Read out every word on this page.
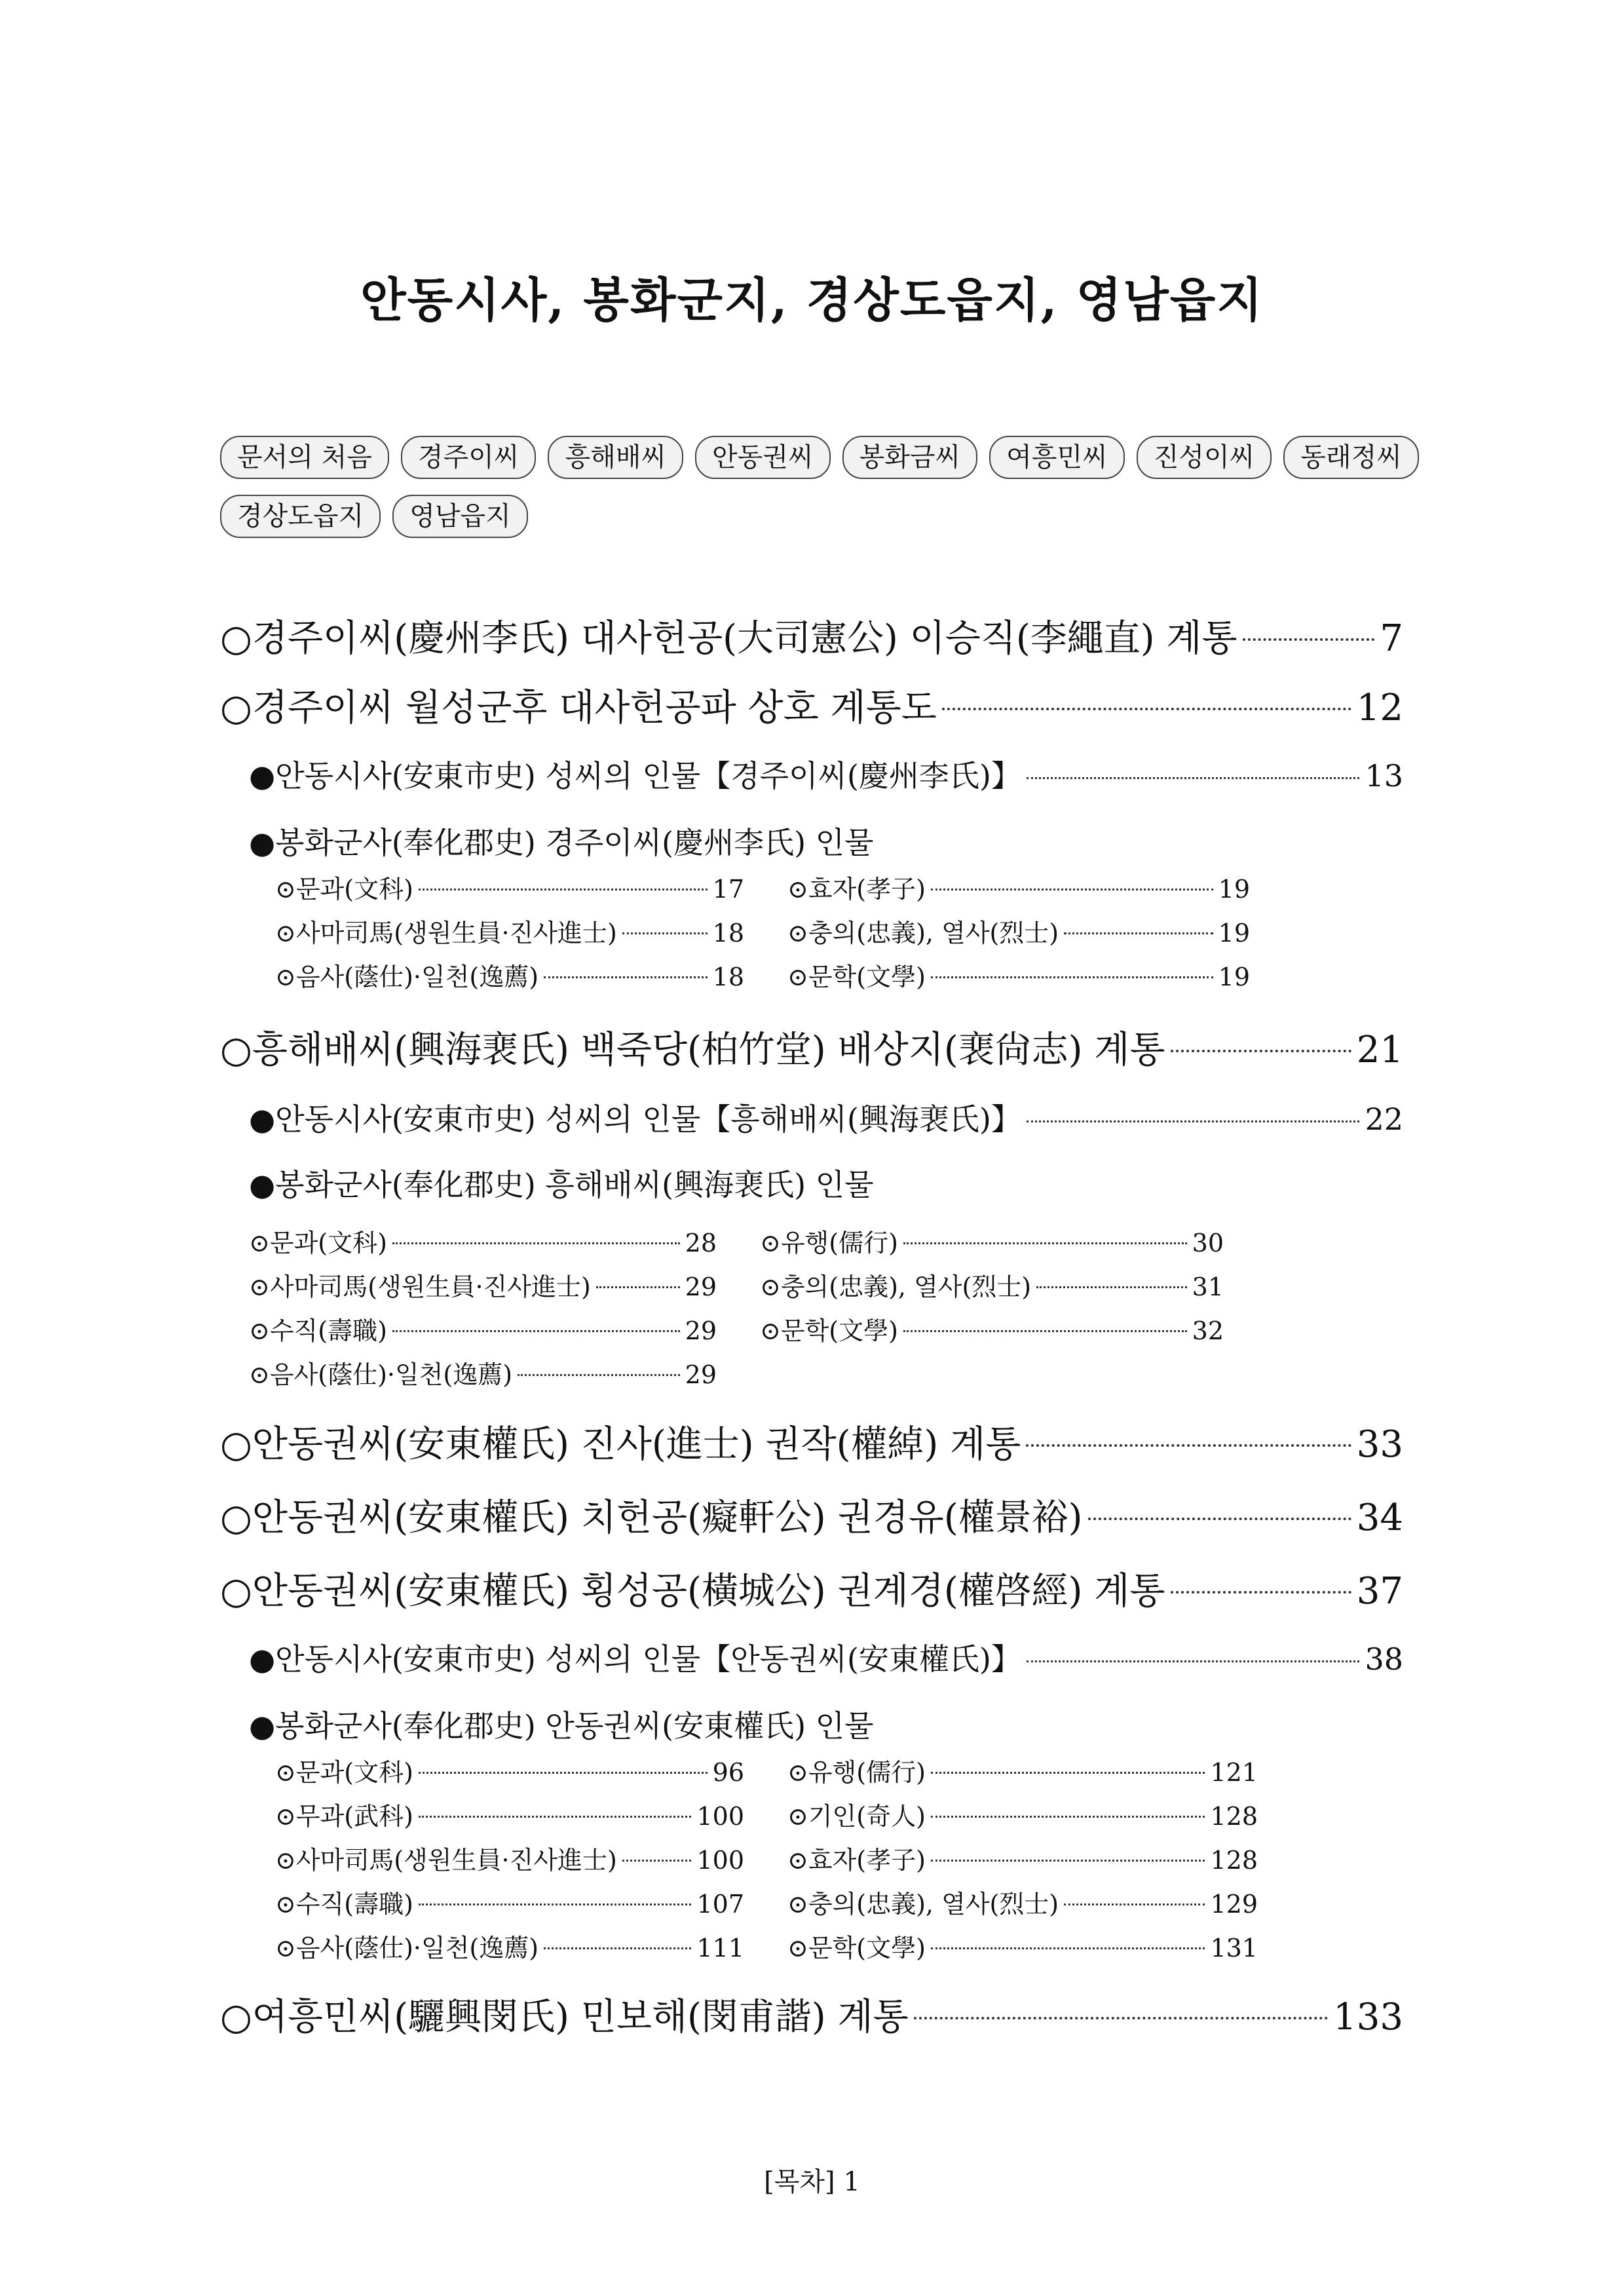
안동시사, 봉화군지, 경상도읍지, 영남읍지
문서의 처음	경주이씨	흥해배씨	안동권씨	봉화금씨	여흥민씨	진성이씨	동래정씨
경상도읍지	영남읍지
○경주이씨(慶州李氏) 대사헌공(大司憲公) 이승직(李繩直) 계통	7
○경주이씨 월성군후 대사헌공파 상호 계통도	12
●안동시사(安東市史) 성씨의 인물【경주이씨(慶州李氏)】	13
●봉화군사(奉化郡史) 경주이씨(慶州李氏) 인물
⊙문과(文科)	17 ⊙효자(孝子)	19
⊙사마司馬(생원生員·진사進士)	18 ⊙충의(忠義), 열사(烈士)	19
⊙음사(蔭仕)·일천(逸薦)	18 ⊙문학(文學)	19
○흥해배씨(興海裵氏) 백죽당(柏竹堂) 배상지(裵尙志) 계통	21
●안동시사(安東市史) 성씨의 인물【흥해배씨(興海裵氏)】	22
●봉화군사(奉化郡史) 흥해배씨(興海裵氏) 인물
⊙문과(文科)	28 ⊙유행(儒行)	30
⊙사마司馬(생원生員·진사進士)	29 ⊙충의(忠義), 열사(烈士)	31
⊙수직(壽職)	29 ⊙문학(文學)	32
⊙음사(蔭仕)·일천(逸薦)	29
○안동권씨(安東權氏) 진사(進士) 권작(權綽) 계통	33
○안동권씨(安東權氏) 치헌공(癡軒公) 권경유(權景裕)	34
○안동권씨(安東權氏) 횡성공(橫城公) 권계경(權啓經) 계통	37
●안동시사(安東市史) 성씨의 인물【안동권씨(安東權氏)】	38
●봉화군사(奉化郡史) 안동권씨(安東權氏) 인물
⊙문과(文科)	96 ⊙유행(儒行)	121
⊙무과(武科)	100 ⊙기인(奇人)	128
⊙사마司馬(생원生員·진사進士)	100 ⊙효자(孝子)	128
⊙수직(壽職)	107 ⊙충의(忠義), 열사(烈士)	129
⊙음사(蔭仕)·일천(逸薦)	111 ⊙문학(文學)	131
○여흥민씨(驪興閔氏) 민보해(閔甫諧) 계통	133
[목차] 1
